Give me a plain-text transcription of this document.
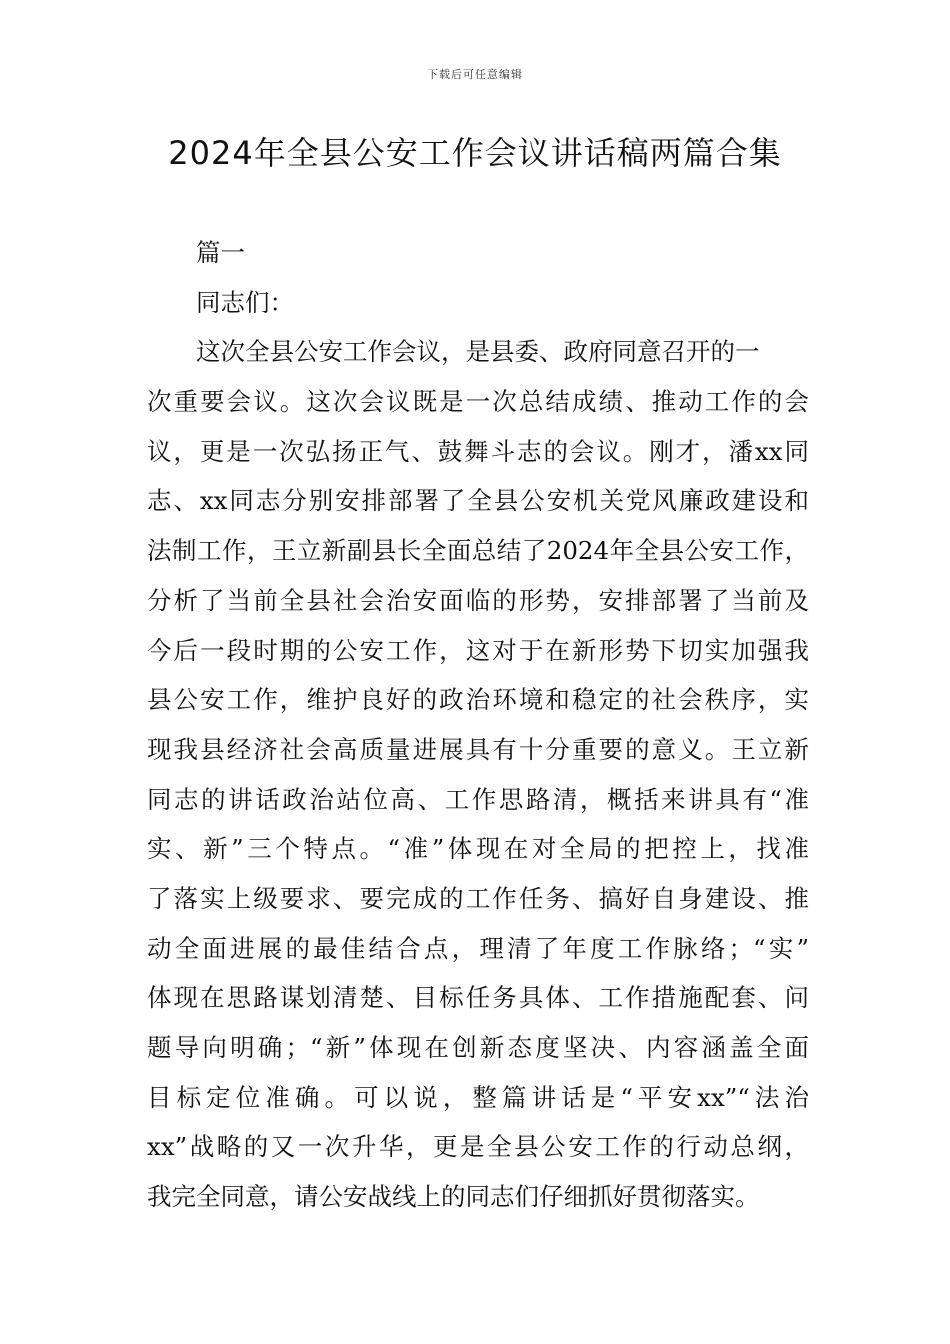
下载后可任意编辑
2024年全县公安工作会议讲话稿两篇合集
篇一
同志们：
这次全县公安工作会议，是县委、政府同意召开的一
次重要会议。这次会议既是一次总结成绩、推动工作的会
议，更是一次弘扬正气、鼓舞斗志的会议。刚才，潘xx同
志、xx同志分别安排部署了全县公安机关党风廉政建设和
法制工作，王立新副县长全面总结了2024年全县公安工作，
分析了当前全县社会治安面临的形势，安排部署了当前及
今后一段时期的公安工作，这对于在新形势下切实加强我
县公安工作，维护良好的政治环境和稳定的社会秩序，实
现我县经济社会高质量进展具有十分重要的意义。王立新
同志的讲话政治站位高、工作思路清，概括来讲具有“准
实、新”三个特点。“准”体现在对全局的把控上，找准
了落实上级要求、要完成的工作任务、搞好自身建设、推
动全面进展的最佳结合点，理清了年度工作脉络；“实”
体现在思路谋划清楚、目标任务具体、工作措施配套、问
题导向明确；“新”体现在创新态度坚决、内容涵盖全面
目标定位准确。可以说，整篇讲话是“平安xx”“法治
xx”战略的又一次升华，更是全县公安工作的行动总纲，
我完全同意，请公安战线上的同志们仔细抓好贯彻落实。
